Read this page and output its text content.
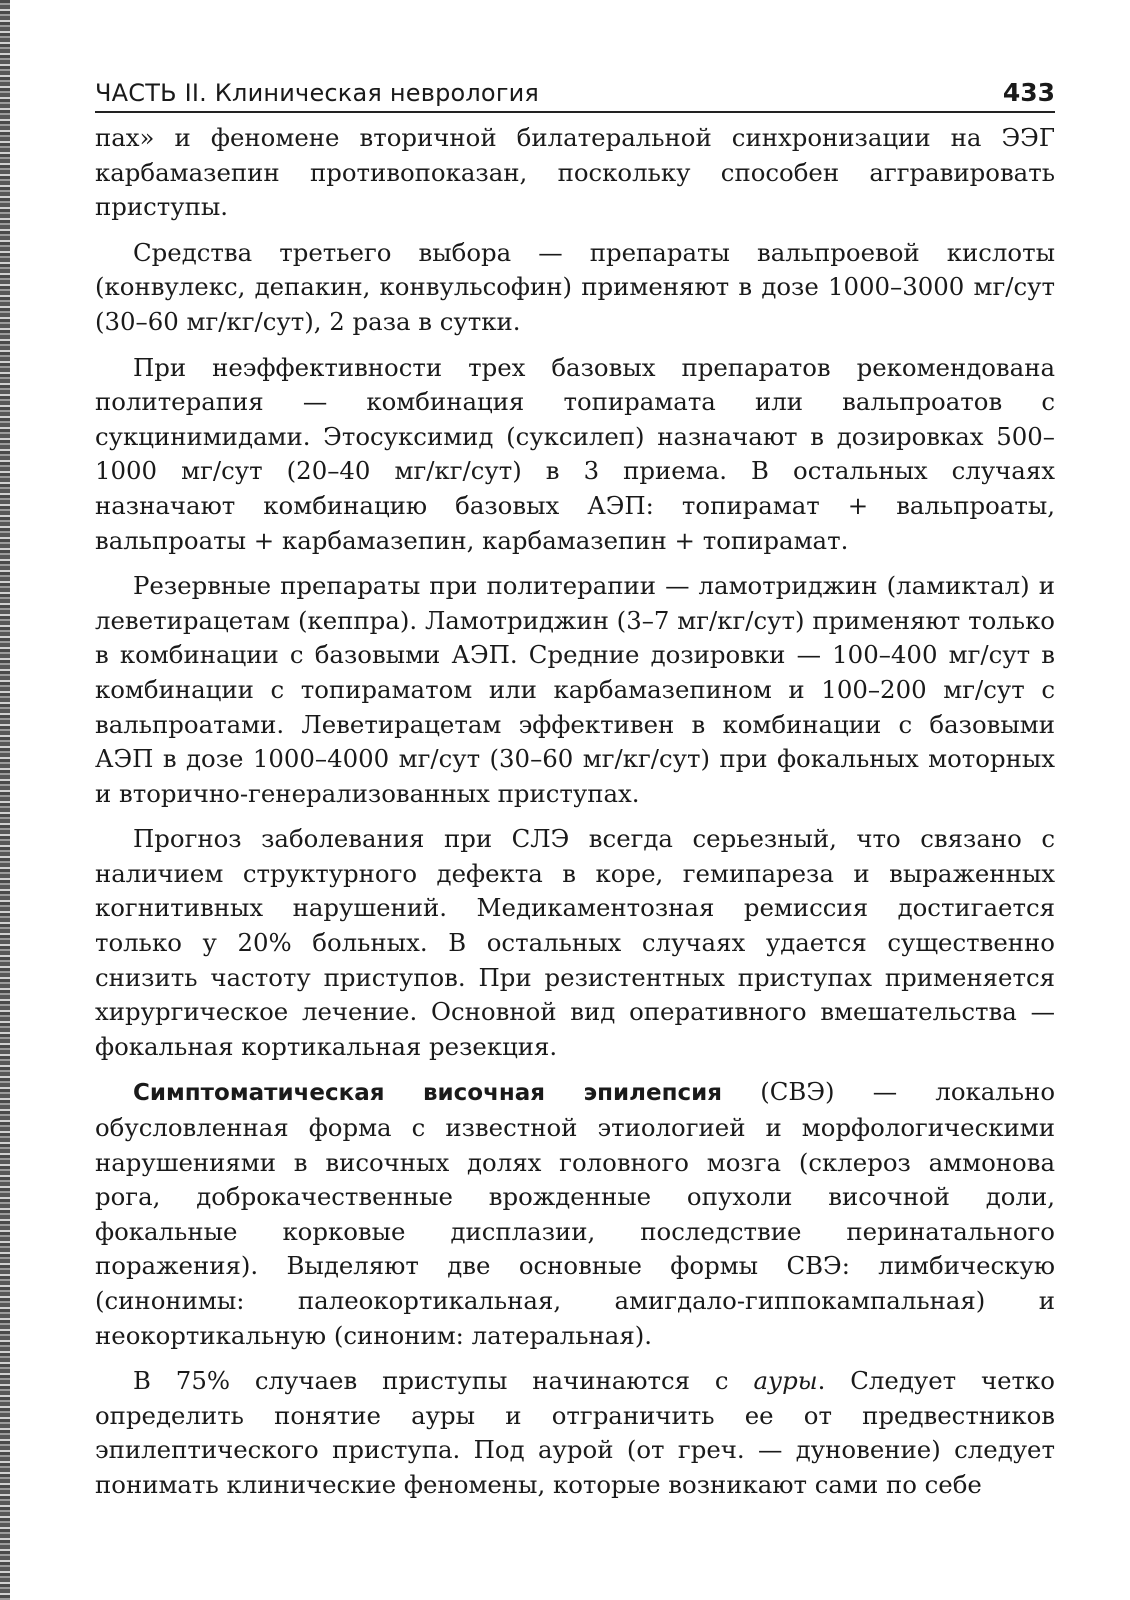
ЧАСТЬ II. Клиническая неврология	433

пах» и феномене вторичной билатеральной синхронизации на ЭЭГ карбамазепин противопоказан, поскольку способен аггравировать приступы.

Средства третьего выбора — препараты вальпроевой кислоты (конвулекс, депакин, конвульсофин) применяют в дозе 1000–3000 мг/сут (30–60 мг/кг/сут), 2 раза в сутки.

При неэффективности трех базовых препаратов рекомендована политерапия — комбинация топирамата или вальпроатов с сукцинимидами. Этосуксимид (суксилеп) назначают в дозировках 500–1000 мг/сут (20–40 мг/кг/сут) в 3 приема. В остальных случаях назначают комбинацию базовых АЭП: топирамат + вальпроаты, вальпроаты + карбамазепин, карбамазепин + топирамат.

Резервные препараты при политерапии — ламотриджин (ламиктал) и леветирацетам (кеппра). Ламотриджин (3–7 мг/кг/сут) применяют только в комбинации с базовыми АЭП. Средние дозировки — 100–400 мг/сут в комбинации с топираматом или карбамазепином и 100–200 мг/сут с вальпроатами. Леветирацетам эффективен в комбинации с базовыми АЭП в дозе 1000–4000 мг/сут (30–60 мг/кг/сут) при фокальных моторных и вторично-генерализованных приступах.

Прогноз заболевания при СЛЭ всегда серьезный, что связано с наличием структурного дефекта в коре, гемипареза и выраженных когнитивных нарушений. Медикаментозная ремиссия достигается только у 20% больных. В остальных случаях удается существенно снизить частоту приступов. При резистентных приступах применяется хирургическое лечение. Основной вид оперативного вмешательства — фокальная кортикальная резекция.

Симптоматическая височная эпилепсия (СВЭ) — локально обусловленная форма с известной этиологией и морфологическими нарушениями в височных долях головного мозга (склероз аммонова рога, доброкачественные врожденные опухоли височной доли, фокальные корковые дисплазии, последствие перинатального поражения). Выделяют две основные формы СВЭ: лимбическую (синонимы: палеокортикальная, амигдало-гиппокампальная) и неокортикальную (синоним: латеральная).

В 75% случаев приступы начинаются с ауры. Следует четко определить понятие ауры и отграничить ее от предвестников эпилептического приступа. Под аурой (от греч. — дуновение) следует понимать клинические феномены, которые возникают сами по себе
